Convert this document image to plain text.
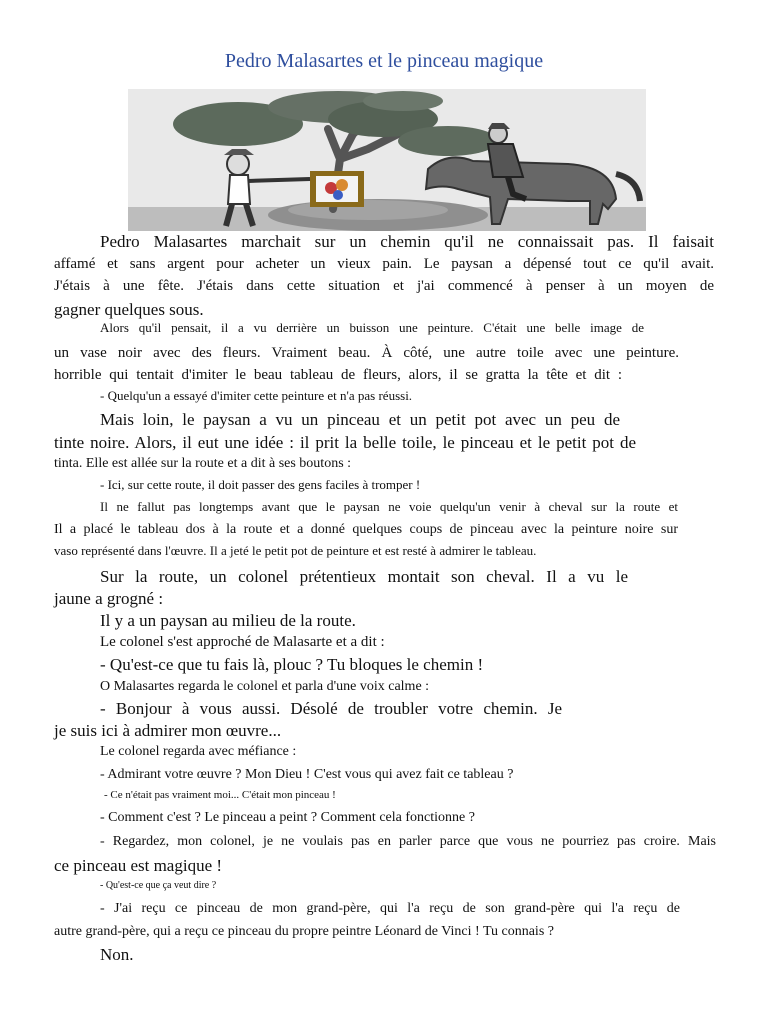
Pedro Malasartes et le pinceau magique
Pedro Malasartes marchait sur un chemin qu'il ne connaissait pas. Il faisait
affamé et sans argent pour acheter un vieux pain. Le paysan a dépensé tout ce qu'il avait.
J'étais à une fête. J'étais dans cette situation et j'ai commencé à penser à un moyen de
gagner quelques sous.
Alors qu'il pensait, il a vu derrière un buisson une peinture. C'était une belle image de
un vase noir avec des fleurs. Vraiment beau. À côté, une autre toile avec une peinture.
horrible qui tentait d'imiter le beau tableau de fleurs, alors, il se gratta la tête et dit :
- Quelqu'un a essayé d'imiter cette peinture et n'a pas réussi.
Mais loin, le paysan a vu un pinceau et un petit pot avec un peu de
tinte noire. Alors, il eut une idée : il prit la belle toile, le pinceau et le petit pot de
tinta. Elle est allée sur la route et a dit à ses boutons :
- Ici, sur cette route, il doit passer des gens faciles à tromper !
Il ne fallut pas longtemps avant que le paysan ne voie quelqu'un venir à cheval sur la route et
Il a placé le tableau dos à la route et a donné quelques coups de pinceau avec la peinture noire sur
vaso représenté dans l'œuvre. Il a jeté le petit pot de peinture et est resté à admirer le tableau.
Sur la route, un colonel prétentieux montait son cheval. Il a vu le
jaune a grogné :
Il y a un paysan au milieu de la route.
Le colonel s'est approché de Malasarte et a dit :
- Qu'est-ce que tu fais là, plouc ? Tu bloques le chemin !
O Malasartes regarda le colonel et parla d'une voix calme :
- Bonjour à vous aussi. Désolé de troubler votre chemin. Je
je suis ici à admirer mon œuvre...
Le colonel regarda avec méfiance :
- Admirant votre œuvre ? Mon Dieu ! C'est vous qui avez fait ce tableau ?
- Ce n'était pas vraiment moi... C'était mon pinceau !
- Comment c'est ? Le pinceau a peint ? Comment cela fonctionne ?
- Regardez, mon colonel, je ne voulais pas en parler parce que vous ne pourriez pas croire. Mais
ce pinceau est magique !
- Qu'est-ce que ça veut dire ?
- J'ai reçu ce pinceau de mon grand-père, qui l'a reçu de son grand-père qui l'a reçu de
autre grand-père, qui a reçu ce pinceau du propre peintre Léonard de Vinci ! Tu connais ?
Non.
